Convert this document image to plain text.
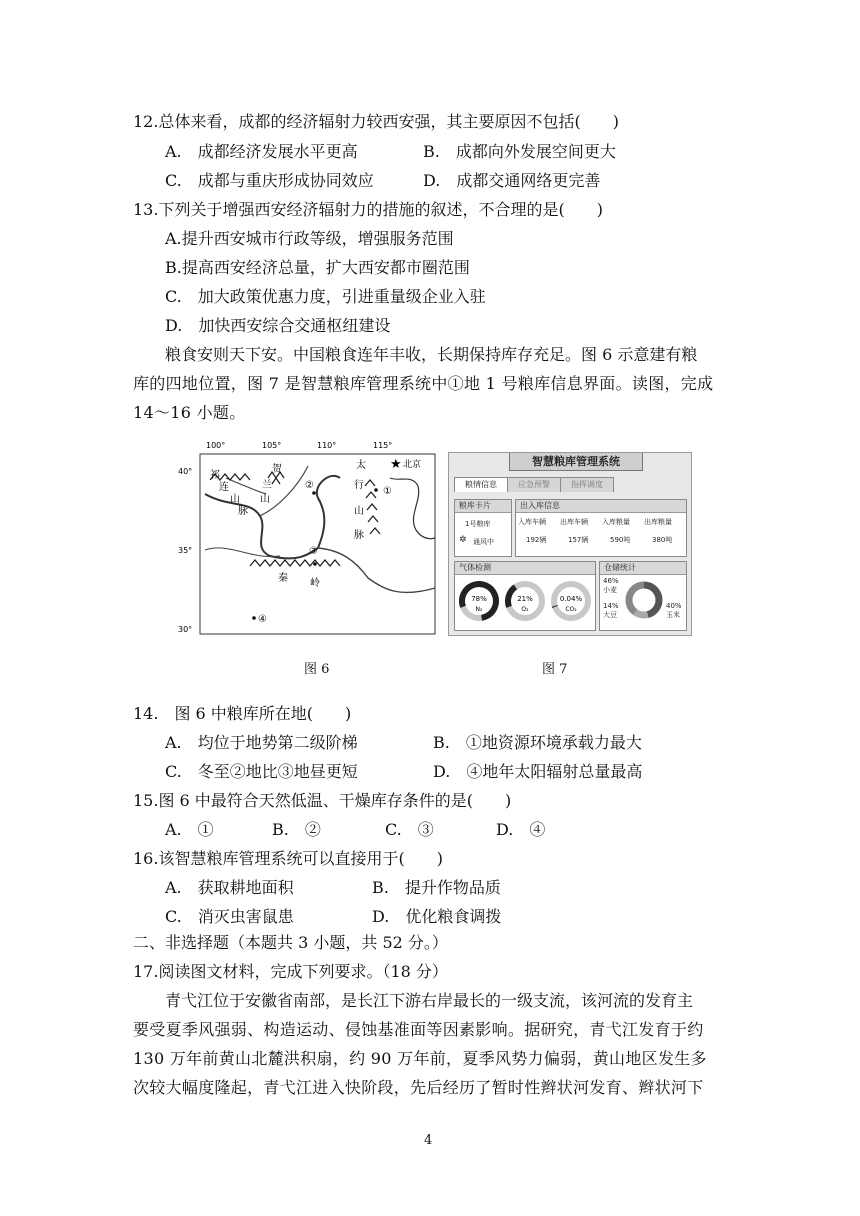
12.总体来看，成都的经济辐射力较西安强，其主要原因不包括(　　)
A.　成都经济发展水平更高	B.　成都向外发展空间更大
C.　成都与重庆形成协同效应	D.　成都交通网络更完善
13.下列关于增强西安经济辐射力的措施的叙述，不合理的是(　　)
A.提升西安城市行政等级，增强服务范围
B.提高西安经济总量，扩大西安都市圈范围
C.　加大政策优惠力度，引进重量级企业入驻
D.　加快西安综合交通枢纽建设
粮食安则天下安。中国粮食连年丰收，长期保持库存充足。图 6 示意建有粮
库的四地位置，图 7 是智慧粮库管理系统中①地 1 号粮库信息界面。读图，完成
14～16 小题。
100°	105°	110°	115°
40°
35°
30°
祁
连
山
脉
贺
兰
山
太
行
山
脉
秦 岭
★ 北京
①
②
③
④
智慧粮库管理系统
粮情信息	应急预警	指挥调度
粮库卡片
1号粮库
✲ 通风中
出入库信息
入库车辆 出库车辆 入库粮量 出库粮量
192辆	157辆	590吨	380吨
气体检测
78%
N₂
21%
O₂
0.04%
CO₂
仓储统计
46%
小麦
14%
大豆
40%
玉米
图 6	图 7
14.　图 6 中粮库所在地(　　)
A.　均位于地势第二级阶梯	B.　①地资源环境承载力最大
C.　冬至②地比③地昼更短	D.　④地年太阳辐射总量最高
15.图 6 中最符合天然低温、干燥库存条件的是(　　)
A.　①	B.　②	C.　③	D.　④
16.该智慧粮库管理系统可以直接用于(　　)
A.　获取耕地面积	B.　提升作物品质
C.　消灭虫害鼠患	D.　优化粮食调拨
二、非选择题（本题共 3 小题，共 52 分。）
17.阅读图文材料，完成下列要求。（18 分）
青弋江位于安徽省南部，是长江下游右岸最长的一级支流，该河流的发育主
要受夏季风强弱、构造运动、侵蚀基准面等因素影响。据研究，青弋江发育于约
130 万年前黄山北麓洪积扇，约 90 万年前，夏季风势力偏弱，黄山地区发生多
次较大幅度隆起，青弋江进入快阶段，先后经历了暂时性辫状河发育、辫状河下
4
